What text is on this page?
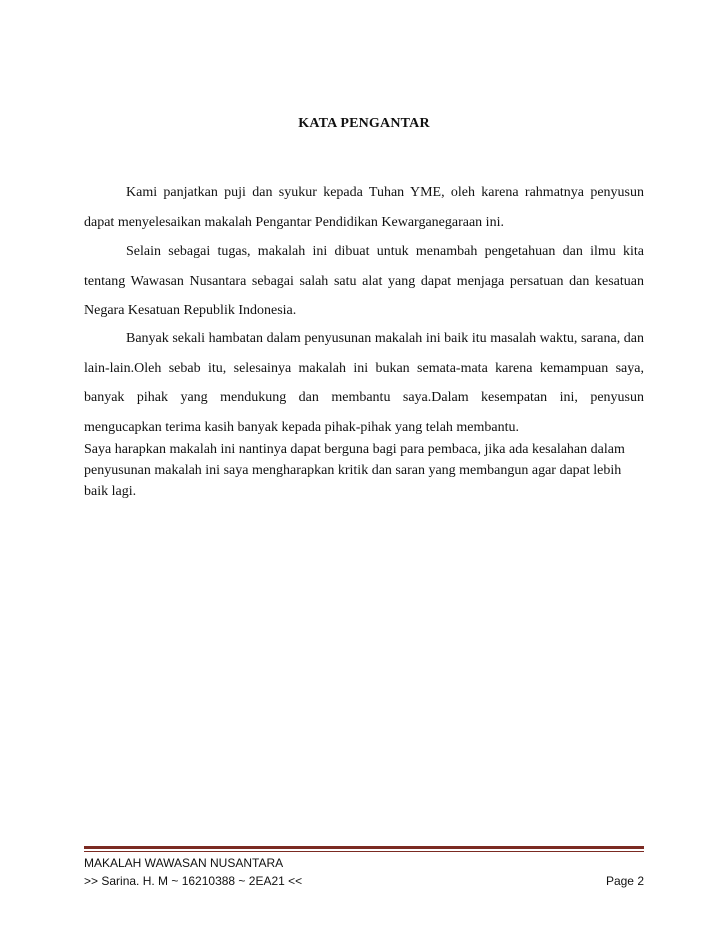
KATA PENGANTAR

Kami panjatkan puji dan syukur kepada Tuhan YME, oleh karena rahmatnya penyusun dapat menyelesaikan makalah Pengantar Pendidikan Kewarganegaraan ini.

Selain sebagai tugas, makalah ini dibuat untuk menambah pengetahuan dan ilmu kita tentang Wawasan Nusantara sebagai salah satu alat yang dapat menjaga persatuan dan kesatuan Negara Kesatuan Republik Indonesia.

Banyak sekali hambatan dalam penyusunan makalah ini baik itu masalah waktu, sarana, dan lain-lain.Oleh sebab itu, selesainya makalah ini bukan semata-mata karena kemampuan saya, banyak pihak yang mendukung dan membantu saya.Dalam kesempatan ini, penyusun mengucapkan terima kasih banyak kepada pihak-pihak yang telah membantu.

Saya harapkan makalah ini nantinya dapat berguna bagi para pembaca, jika ada kesalahan dalam penyusunan makalah ini saya mengharapkan kritik dan saran yang membangun agar dapat lebih baik lagi.

MAKALAH WAWASAN NUSANTARA
>> Sarina. H. M ~ 16210388 ~ 2EA21 <<	Page 2
